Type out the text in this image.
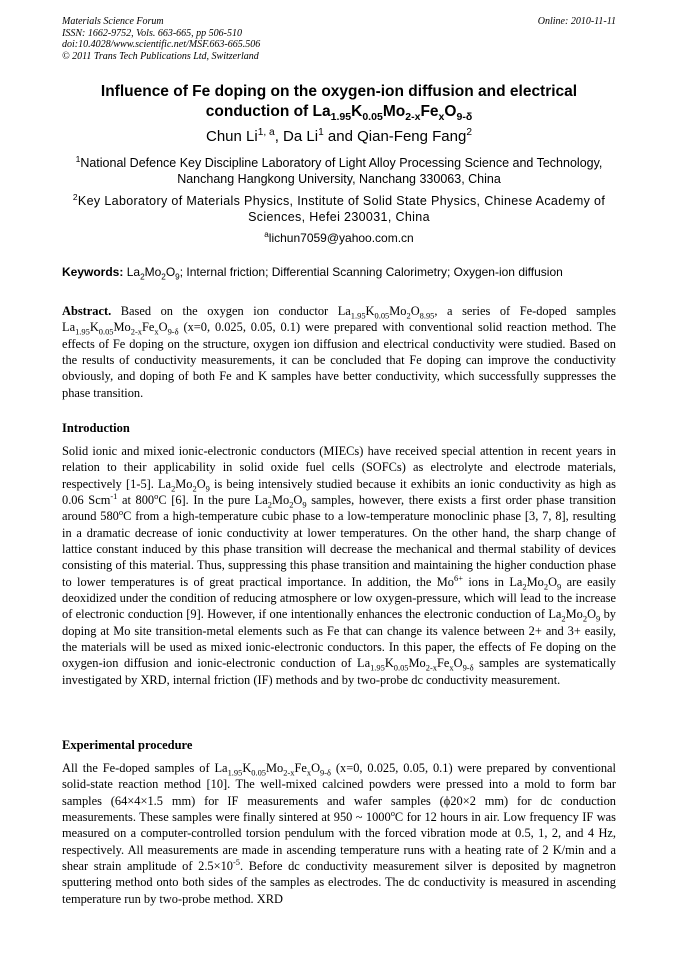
Materials Science Forum	Online: 2010-11-11
ISSN: 1662-9752, Vols. 663-665, pp 506-510
doi:10.4028/www.scientific.net/MSF.663-665.506
© 2011 Trans Tech Publications Ltd, Switzerland
Influence of Fe doping on the oxygen-ion diffusion and electrical
conduction of $La_{1.95}K_{0.05}Mo_{2-x}Fe_xO_{9-\delta}$
Chun Li$^{1, a}$, Da Li$^1$ and Qian-Feng Fang$^2$
$^1$National Defence Key Discipline Laboratory of Light Alloy Processing Science and Technology,
Nanchang Hangkong University, Nanchang 330063, China
$^2$Key Laboratory of Materials Physics, Institute of Solid State Physics, Chinese Academy of
Sciences, Hefei 230031, China
$^a$lichun7059@yahoo.com.cn
Keywords: $La_2Mo_2O_9$; Internal friction; Differential Scanning Calorimetry; Oxygen-ion diffusion
Abstract. Based on the oxygen ion conductor $La_{1.95}K_{0.05}Mo_2O_{8.95}$, a series of Fe-doped samples $La_{1.95}K_{0.05}Mo_{2-x}Fe_xO_{9-\delta}$ (x=0, 0.025, 0.05, 0.1) were prepared with conventional solid reaction method. The effects of Fe doping on the structure, oxygen ion diffusion and electrical conductivity were studied. Based on the results of conductivity measurements, it can be concluded that Fe doping can improve the conductivity obviously, and doping of both Fe and K samples have better conductivity, which successfully suppresses the phase transition.
Introduction
Solid ionic and mixed ionic-electronic conductors (MIECs) have received special attention in recent years in relation to their applicability in solid oxide fuel cells (SOFCs) as electrolyte and electrode materials, respectively [1-5]. $La_2Mo_2O_9$ is being intensively studied because it exhibits an ionic conductivity as high as 0.06 Scm$^{-1}$ at 800$^o$C [6]. In the pure $La_2Mo_2O_9$ samples, however, there exists a first order phase transition around 580$^o$C from a high-temperature cubic phase to a low-temperature monoclinic phase [3, 7, 8], resulting in a dramatic decrease of ionic conductivity at lower temperatures. On the other hand, the sharp change of lattice constant induced by this phase transition will decrease the mechanical and thermal stability of devices consisting of this material. Thus, suppressing this phase transition and maintaining the higher conduction phase to lower temperatures is of great practical importance. In addition, the $Mo^{6+}$ ions in $La_2Mo_2O_9$ are easily deoxidized under the condition of reducing atmosphere or low oxygen-pressure, which will lead to the increase of electronic conduction [9]. However, if one intentionally enhances the electronic conduction of $La_2Mo_2O_9$ by doping at Mo site transition-metal elements such as Fe that can change its valence between 2+ and 3+ easily, the materials will be used as mixed ionic-electronic conductors. In this paper, the effects of Fe doping on the oxygen-ion diffusion and ionic-electronic conduction of $La_{1.95}K_{0.05}Mo_{2-x}Fe_xO_{9-\delta}$ samples are systematically investigated by XRD, internal friction (IF) methods and by two-probe dc conductivity measurement.
Experimental procedure
All the Fe-doped samples of $La_{1.95}K_{0.05}Mo_{2-x}Fe_xO_{9-\delta}$ (x=0, 0.025, 0.05, 0.1) were prepared by conventional solid-state reaction method [10]. The well-mixed calcined powders were pressed into a mold to form bar samples (64×4×1.5 mm) for IF measurements and wafer samples (ϕ20×2 mm) for dc conduction measurements. These samples were finally sintered at 950 ~ 1000$^o$C for 12 hours in air. Low frequency IF was measured on a computer-controlled torsion pendulum with the forced vibration mode at 0.5, 1, 2, and 4 Hz, respectively. All measurements are made in ascending temperature runs with a heating rate of 2 K/min and a shear strain amplitude of $2.5\times 10^{-5}$. Before dc conductivity measurement silver is deposited by magnetron sputtering method onto both sides of the samples as electrodes. The dc conductivity is measured in ascending temperature run by two-probe method. XRD
